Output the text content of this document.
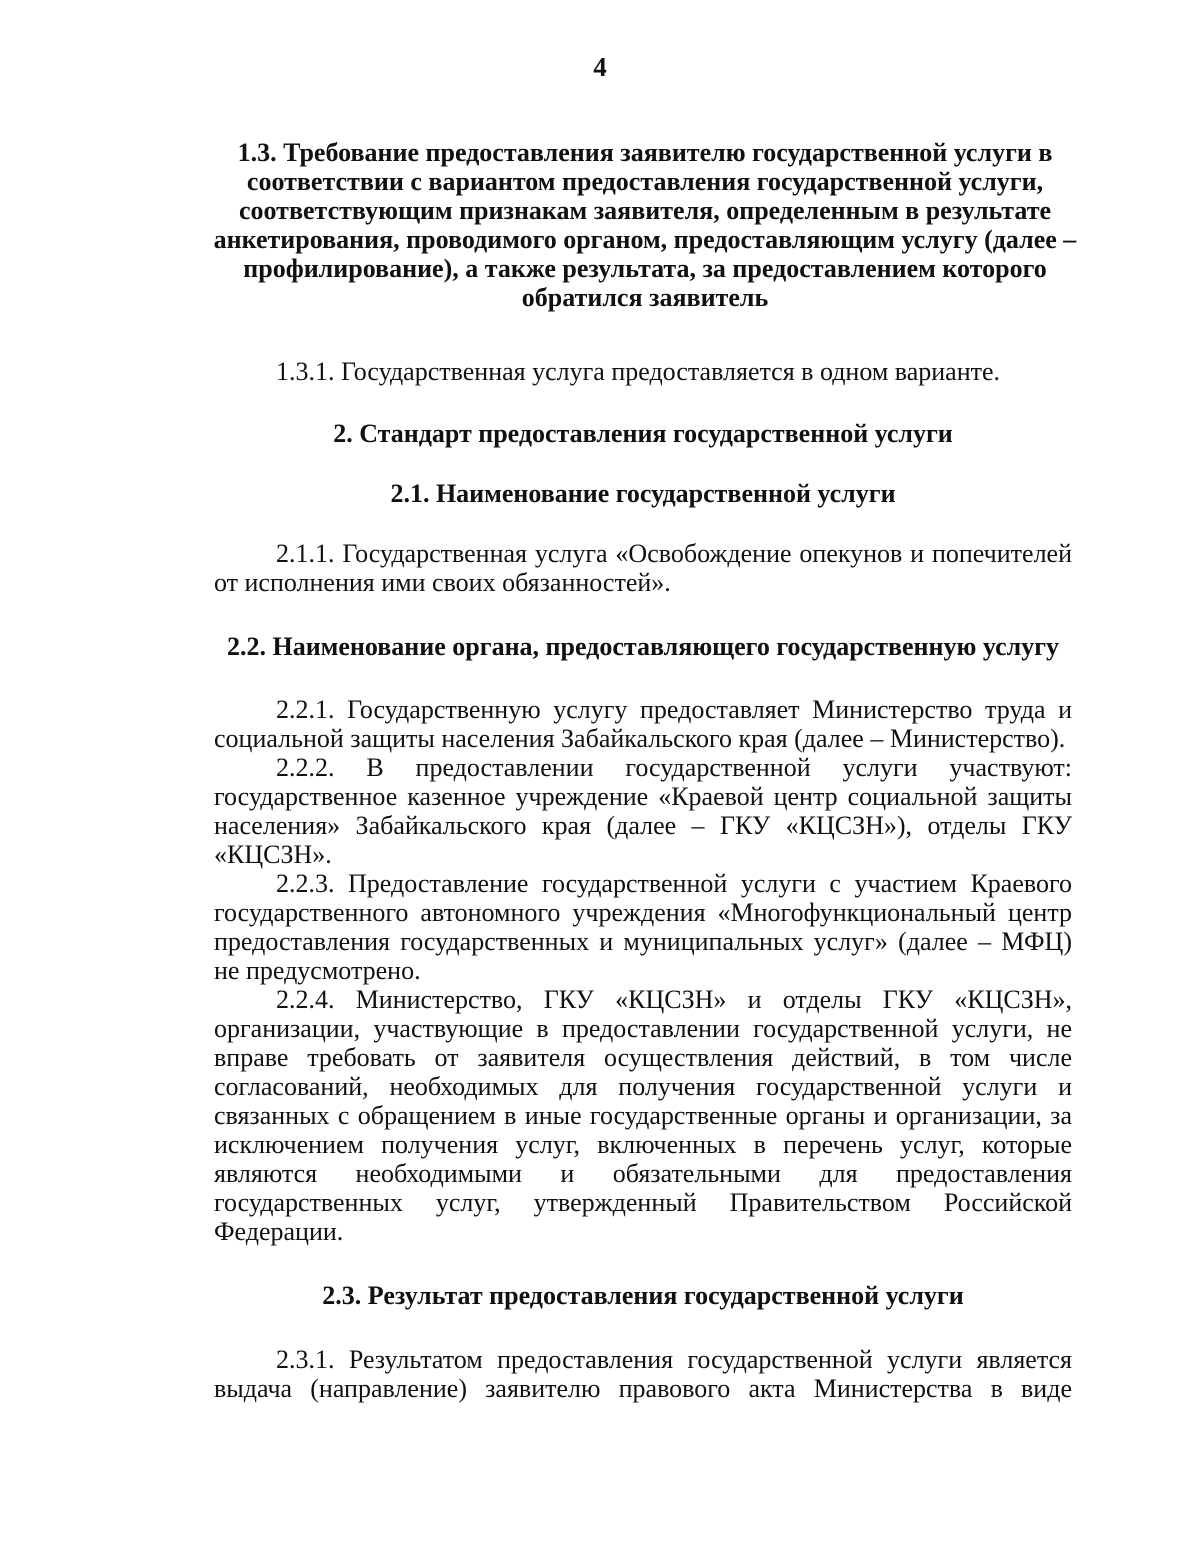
4
1.3. Требование предоставления заявителю государственной услуги в соответствии с вариантом предоставления государственной услуги, соответствующим признакам заявителя, определенным в результате анкетирования, проводимого органом, предоставляющим услугу (далее – профилирование), а также результата, за предоставлением которого обратился заявитель

1.3.1. Государственная услуга предоставляется в одном варианте.

2. Стандарт предоставления государственной услуги
2.1. Наименование государственной услуги

2.1.1. Государственная услуга «Освобождение опекунов и попечителей от исполнения ими своих обязанностей».

2.2. Наименование органа, предоставляющего государственную услугу

2.2.1. Государственную услугу предоставляет Министерство труда и социальной защиты населения Забайкальского края (далее – Министерство).

2.2.2. В предоставлении государственной услуги участвуют: государственное казенное учреждение «Краевой центр социальной защиты населения» Забайкальского края (далее – ГКУ «КЦСЗН»), отделы ГКУ «КЦСЗН».

2.2.3. Предоставление государственной услуги с участием Краевого государственного автономного учреждения «Многофункциональный центр предоставления государственных и муниципальных услуг» (далее – МФЦ) не предусмотрено.

2.2.4. Министерство, ГКУ «КЦСЗН» и отделы ГКУ «КЦСЗН», организации, участвующие в предоставлении государственной услуги, не вправе требовать от заявителя осуществления действий, в том числе согласований, необходимых для получения государственной услуги и связанных с обращением в иные государственные органы и организации, за исключением получения услуг, включенных в перечень услуг, которые являются необходимыми и обязательными для предоставления государственных услуг, утвержденный Правительством Российской Федерации.

2.3. Результат предоставления государственной услуги

2.3.1. Результатом предоставления государственной услуги является выдача (направление) заявителю правового акта Министерства в виде
